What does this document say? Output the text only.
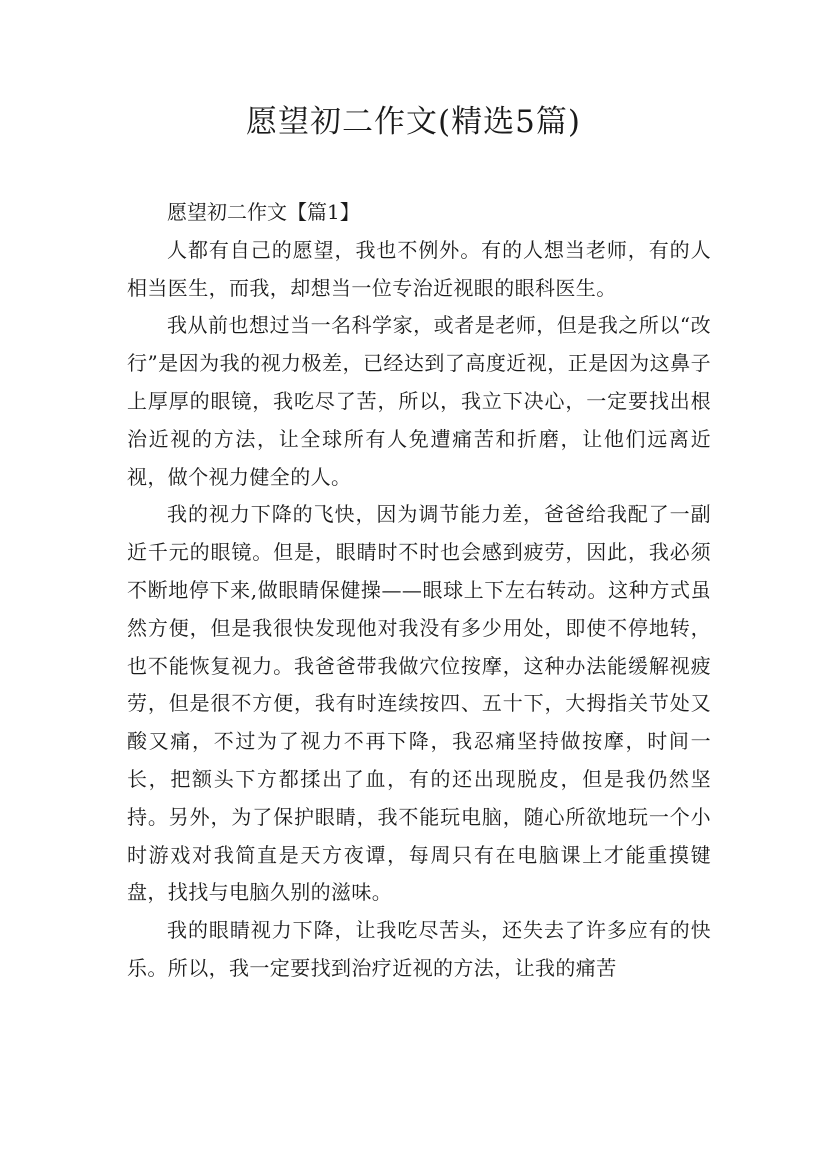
愿望初二作文(精选5篇)

愿望初二作文【篇1】

人都有自己的愿望，我也不例外。有的人想当老师，有的人相当医生，而我，却想当一位专治近视眼的眼科医生。

我从前也想过当一名科学家，或者是老师，但是我之所以“改行”是因为我的视力极差，已经达到了高度近视，正是因为这鼻子上厚厚的眼镜，我吃尽了苦，所以，我立下决心，一定要找出根治近视的方法，让全球所有人免遭痛苦和折磨，让他们远离近视，做个视力健全的人。

我的视力下降的飞快，因为调节能力差，爸爸给我配了一副近千元的眼镜。但是，眼睛时不时也会感到疲劳，因此，我必须不断地停下来,做眼睛保健操——眼球上下左右转动。这种方式虽然方便，但是我很快发现他对我没有多少用处，即使不停地转，也不能恢复视力。我爸爸带我做穴位按摩，这种办法能缓解视疲劳，但是很不方便，我有时连续按四、五十下，大拇指关节处又酸又痛，不过为了视力不再下降，我忍痛坚持做按摩，时间一长，把额头下方都揉出了血，有的还出现脱皮，但是我仍然坚持。另外，为了保护眼睛，我不能玩电脑，随心所欲地玩一个小时游戏对我简直是天方夜谭，每周只有在电脑课上才能重摸键盘，找找与电脑久别的滋味。

我的眼睛视力下降，让我吃尽苦头，还失去了许多应有的快乐。所以，我一定要找到治疗近视的方法，让我的痛苦
